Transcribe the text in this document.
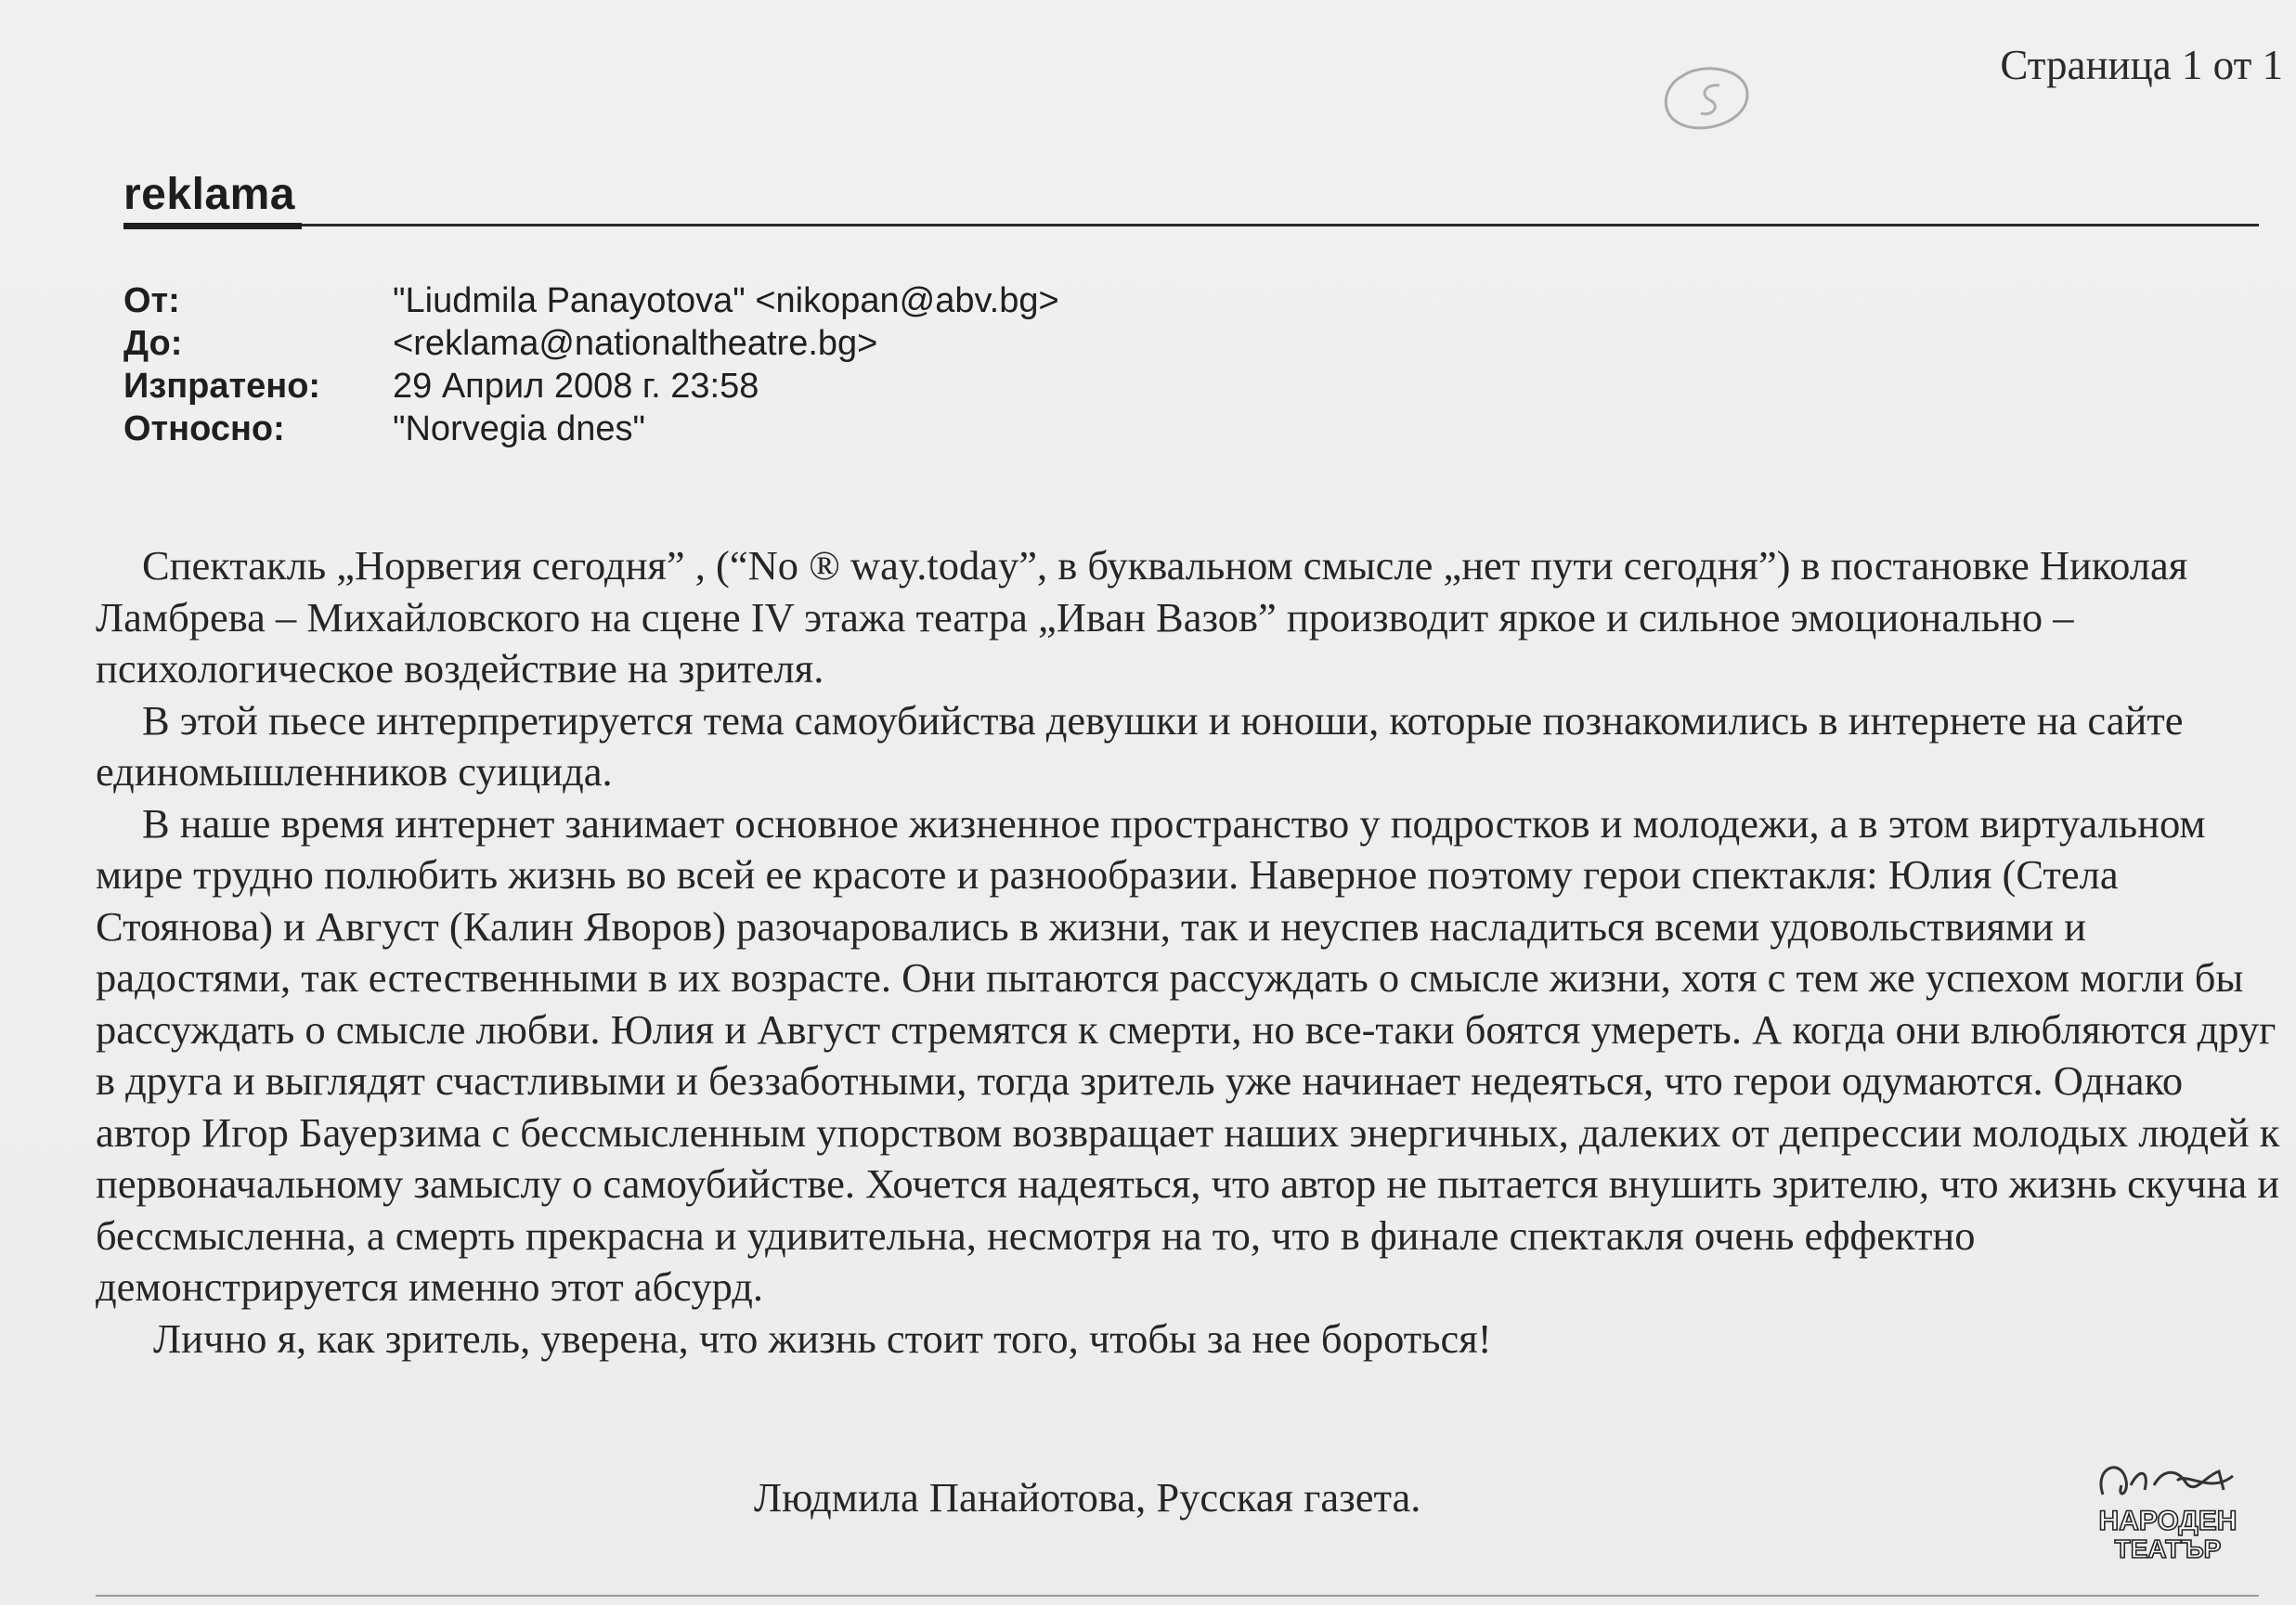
Страница 1 от 1
reklama
От:	"Liudmila Panayotova" <nikopan@abv.bg>
До:	<reklama@nationaltheatre.bg>
Изпратено:	29 Април 2008 г. 23:58
Относно:	"Norvegia dnes"

Спектакль „Норвегия сегодня” , (“No ® way.today”, в буквальном смысле „нет пути сегодня”) в постановке Николая Ламбрева – Михайловского на сцене IV этажа театра „Иван Вазов” производит яркое и сильное эмоционально – психологическое воздействие на зрителя.

В этой пьесе интерпретируется тема самоубийства девушки и юноши, которые познакомились в интернете на сайте единомышленников суицида.

В наше время интернет занимает основное жизненное пространство у подростков и молодежи, а в этом виртуальном мире трудно полюбить жизнь во всей ее красоте и разнообразии. Наверное поэтому герои спектакля: Юлия (Стела Стоянова) и Август (Калин Яворов) разочаровались в жизни, так и неуспев насладиться всеми удовольствиями и радостями, так естественными в их возрасте. Они пытаются рассуждать о смысле жизни, хотя с тем же успехом могли бы рассуждать о смысле любви. Юлия и Август стремятся к смерти, но все-таки боятся умереть. А когда они влюбляются друг в друга и выглядят счастливыми и беззаботными, тогда зритель уже начинает недеяться, что герои одумаются. Однако автор Игор Бауерзима с бессмысленным упорством возвращает наших энергичных, далеких от депрессии молодых людей к первоначальному замыслу о самоубийстве. Хочется надеяться, что автор не пытается внушить зрителю, что жизнь скучна и бессмысленна, а смерть прекрасна и удивительна, несмотря на то, что в финале спектакля очень еффектно демонстрируется именно этот абсурд.

Лично я, как зритель, уверена, что жизнь стоит того, чтобы за нее бороться!

Людмила Панайотова, Русская газета.
НАРОДЕН
ТЕАТЪР
